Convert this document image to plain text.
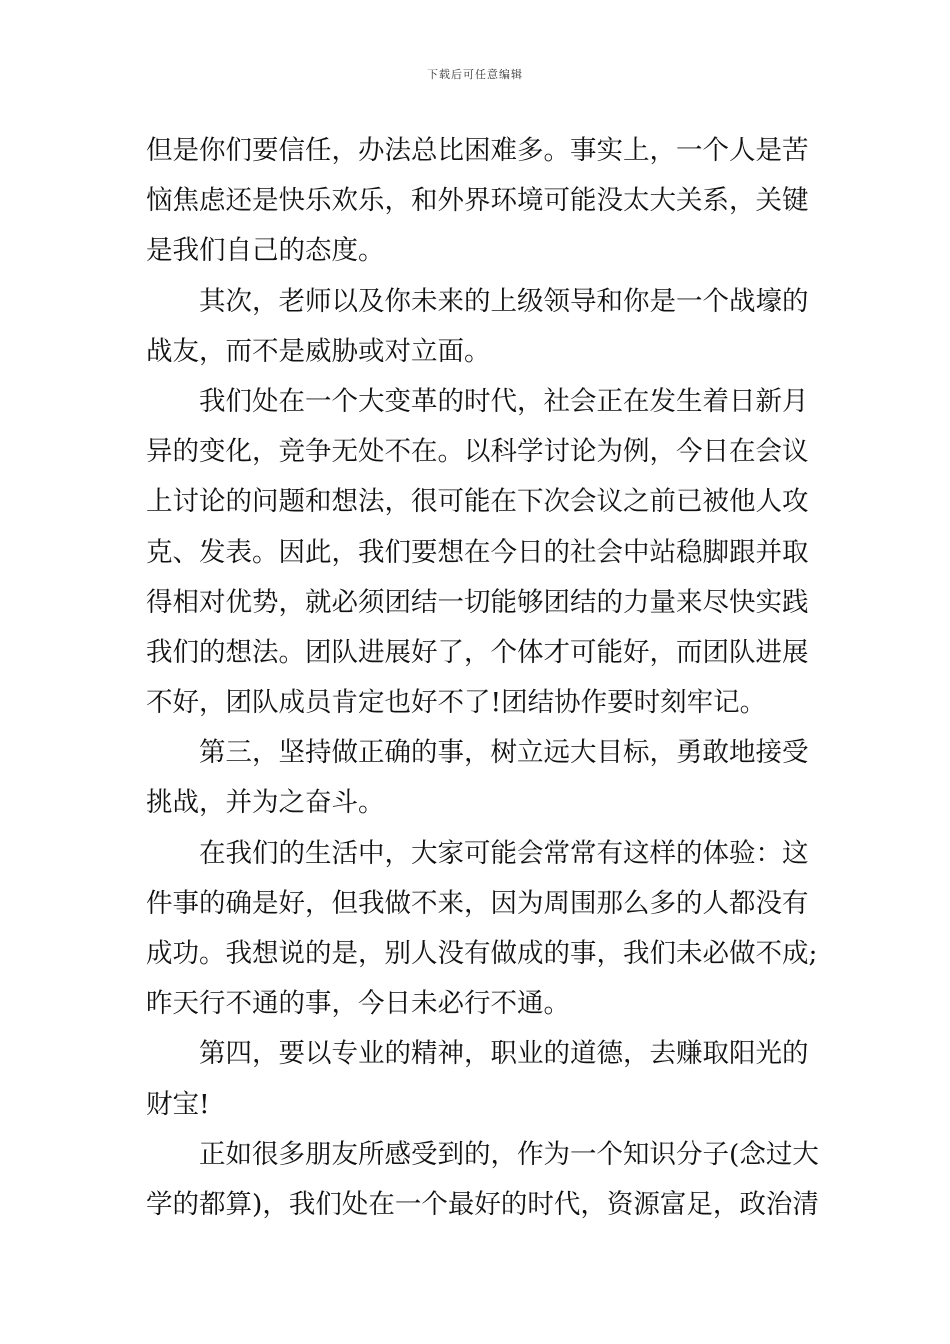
下载后可任意编辑
但是你们要信任，办法总比困难多。事实上，一个人是苦
恼焦虑还是快乐欢乐，和外界环境可能没太大关系，关键
是我们自己的态度。
其次，老师以及你未来的上级领导和你是一个战壕的
战友，而不是威胁或对立面。
我们处在一个大变革的时代，社会正在发生着日新月
异的变化，竞争无处不在。以科学讨论为例，今日在会议
上讨论的问题和想法，很可能在下次会议之前已被他人攻
克、发表。因此，我们要想在今日的社会中站稳脚跟并取
得相对优势，就必须团结一切能够团结的力量来尽快实践
我们的想法。团队进展好了，个体才可能好，而团队进展
不好，团队成员肯定也好不了!团结协作要时刻牢记。
第三，坚持做正确的事，树立远大目标，勇敢地接受
挑战，并为之奋斗。
在我们的生活中，大家可能会常常有这样的体验：这
件事的确是好，但我做不来，因为周围那么多的人都没有
成功。我想说的是，别人没有做成的事，我们未必做不成;
昨天行不通的事，今日未必行不通。
第四，要以专业的精神，职业的道德，去赚取阳光的
财宝!
正如很多朋友所感受到的，作为一个知识分子(念过大
学的都算)，我们处在一个最好的时代，资源富足，政治清
